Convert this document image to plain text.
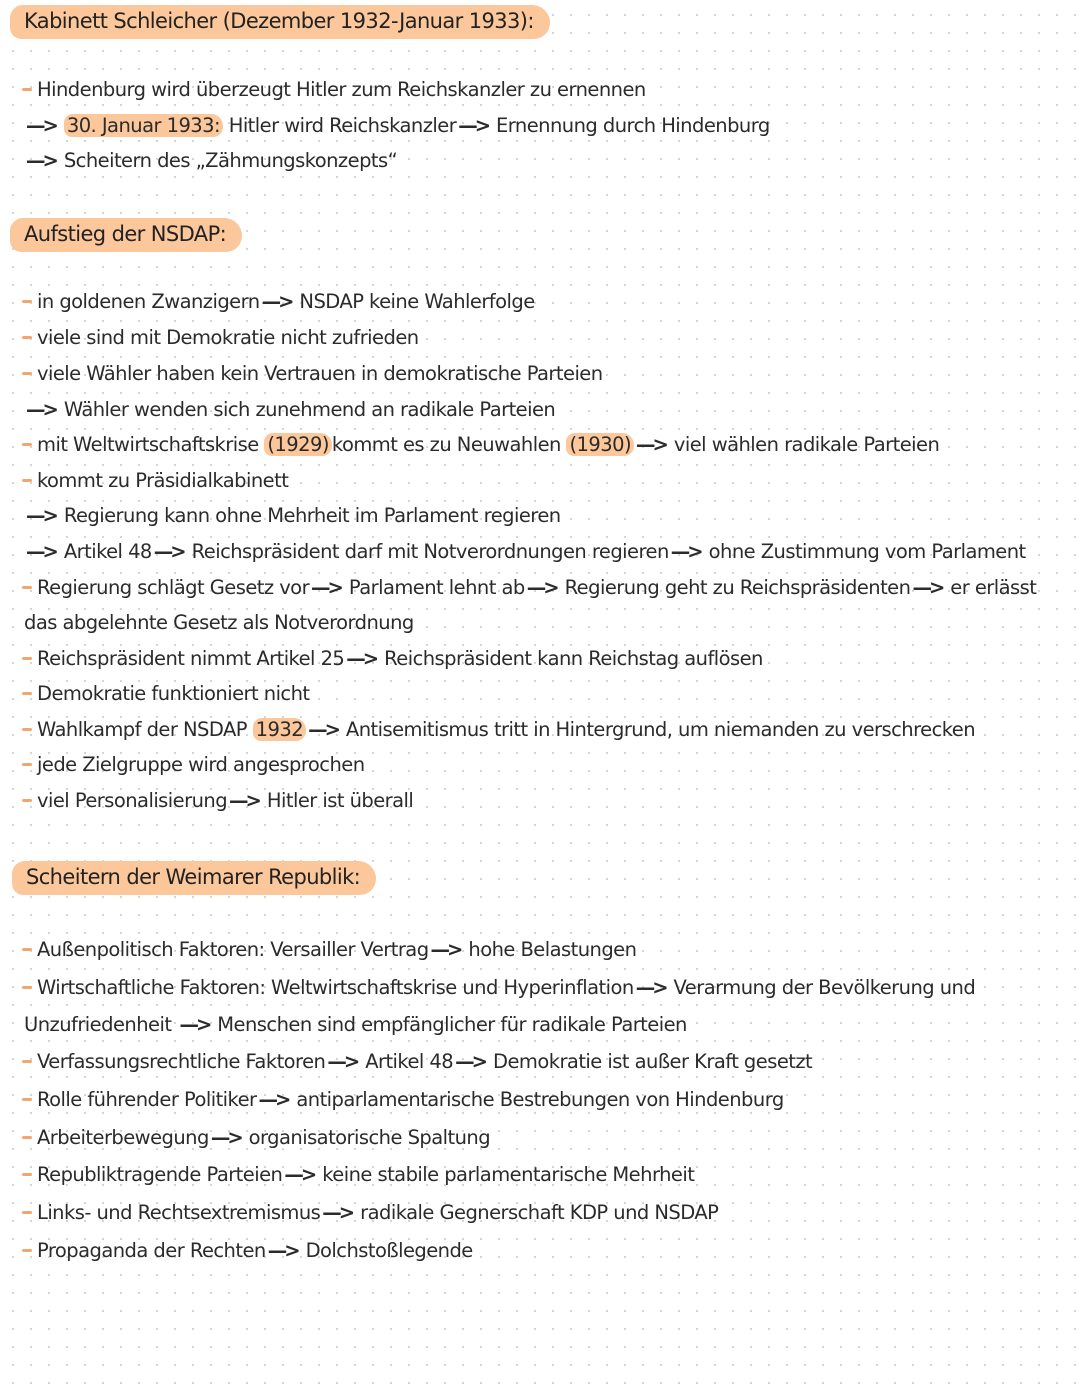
Kabinett Schleicher (Dezember 1932-Januar 1933):
Hindenburg wird überzeugt Hitler zum Reichskanzler zu ernennen
—> 30. Januar 1933: Hitler wird Reichskanzler —> Ernennung durch Hindenburg
—> Scheitern des „Zähmungskonzepts“
Aufstieg der NSDAP:
in goldenen Zwanzigern —> NSDAP keine Wahlerfolge
viele sind mit Demokratie nicht zufrieden
viele Wähler haben kein Vertrauen in demokratische Parteien
—> Wähler wenden sich zunehmend an radikale Parteien
mit Weltwirtschaftskrise (1929) kommt es zu Neuwahlen (1930) —> viel wählen radikale Parteien
kommt zu Präsidialkabinett
—> Regierung kann ohne Mehrheit im Parlament regieren
—> Artikel 48 —> Reichspräsident darf mit Notverordnungen regieren —> ohne Zustimmung vom Parlament
Regierung schlägt Gesetz vor —> Parlament lehnt ab —> Regierung geht zu Reichspräsidenten —> er erlässt
das abgelehnte Gesetz als Notverordnung
Reichspräsident nimmt Artikel 25 —> Reichspräsident kann Reichstag auflösen
Demokratie funktioniert nicht
Wahlkampf der NSDAP 1932 —> Antisemitismus tritt in Hintergrund, um niemanden zu verschrecken
jede Zielgruppe wird angesprochen
viel Personalisierung —> Hitler ist überall
Scheitern der Weimarer Republik:
Außenpolitisch Faktoren: Versailler Vertrag —> hohe Belastungen
Wirtschaftliche Faktoren: Weltwirtschaftskrise und Hyperinflation —> Verarmung der Bevölkerung und
Unzufriedenheit —> Menschen sind empfänglicher für radikale Parteien
Verfassungsrechtliche Faktoren —> Artikel 48 —> Demokratie ist außer Kraft gesetzt
Rolle führender Politiker —> antiparlamentarische Bestrebungen von Hindenburg
Arbeiterbewegung —> organisatorische Spaltung
Republiktragende Parteien —> keine stabile parlamentarische Mehrheit
Links- und Rechtsextremismus —> radikale Gegnerschaft KDP und NSDAP
Propaganda der Rechten —> Dolchstoßlegende
